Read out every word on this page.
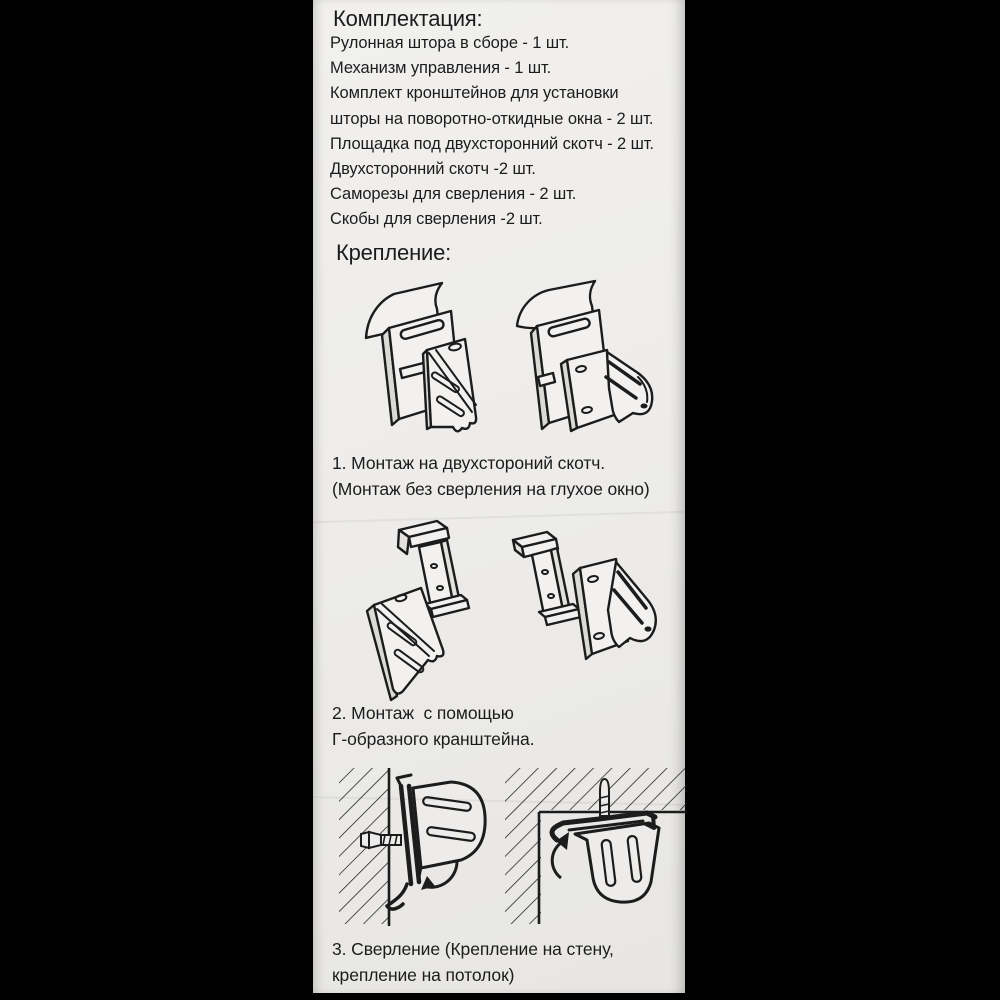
Комплектация:
Рулонная штора в сборе - 1 шт.
Механизм управления - 1 шт.
Комплект кронштейнов для установки
шторы на поворотно-откидные окна - 2 шт.
Площадка под двухсторонний скотч - 2 шт.
Двухсторонний скотч -2 шт.
Саморезы для сверления - 2 шт.
Скобы для сверления -2 шт.
Крепление:
1. Монтаж на двухстороний скотч.
(Монтаж без сверления на глухое окно)
2. Монтаж  с помощью
Г-образного кранштейна.
3. Сверление (Крепление на стену,
крепление на потолок)
